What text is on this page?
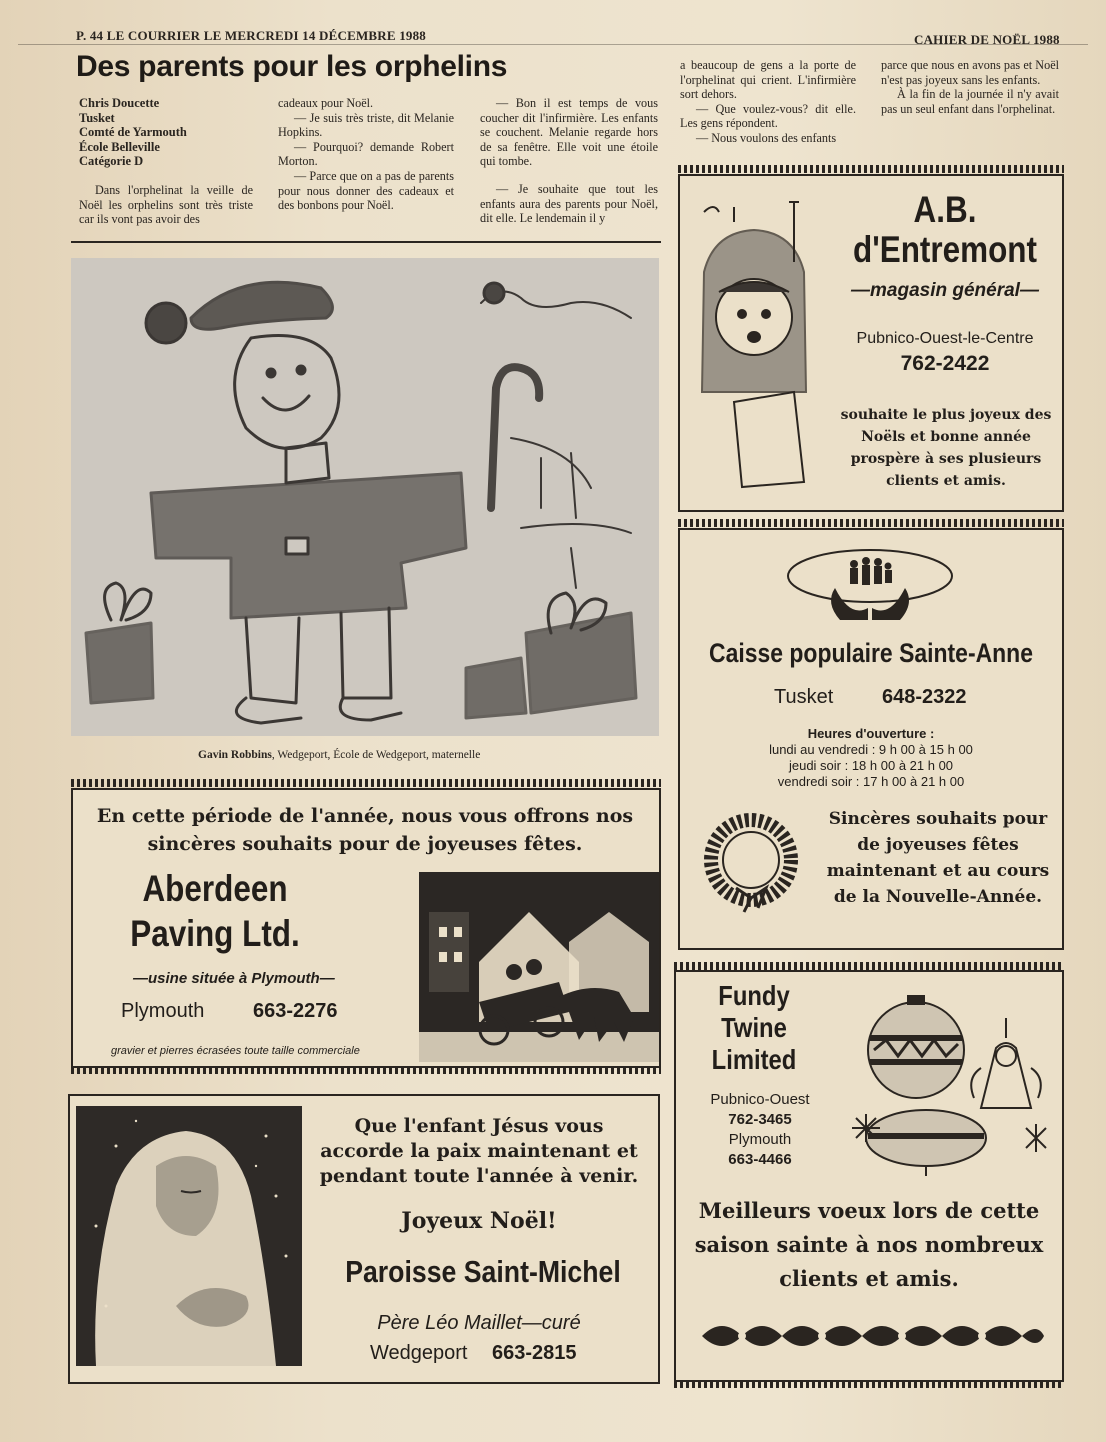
P. 44 LE COURRIER LE MERCREDI 14 DÉCEMBRE 1988	CAHIER DE NOËL 1988
Des parents pour les orphelins
Chris Doucette
Tusket
Comté de Yarmouth
École Belleville
Catégorie D

Dans l'orphelinat la veille de Noël les orphelins sont très triste car ils vont pas avoir des

cadeaux pour Noël.

— Je suis très triste, dit Melanie Hopkins.

— Pourquoi? demande Robert Morton.

— Parce que on a pas de parents pour nous donner des cadeaux et des bonbons pour Noël.

— Bon il est temps de vous coucher dit l'infirmière. Les enfants se couchent. Melanie regarde hors de sa fenêtre. Elle voit une étoile qui tombe.

— Je souhaite que tout les enfants aura des parents pour Noël, dit elle. Le lendemain il y

a beaucoup de gens a la porte de l'orphelinat qui crient. L'infirmière sort dehors.

— Que voulez-vous? dit elle. Les gens répondent.

— Nous voulons des enfants

parce que nous en avons pas et Noël n'est pas joyeux sans les enfants.

À la fin de la journée il n'y avait pas un seul enfant dans l'orphelinat.

Gavin Robbins, Wedgeport, École de Wedgeport, maternelle
En cette période de l'année, nous vous offrons nos sincères souhaits pour de joyeuses fêtes.
Aberdeen
Paving Ltd.
—usine située à Plymouth—
Plymouth 663-2276
gravier et pierres écrasées toute taille commerciale
Que l'enfant Jésus vous accorde la paix maintenant et pendant toute l'année à venir.
Joyeux Noël!
Paroisse Saint-Michel
Père Léo Maillet—curé
Wedgeport 663-2815
A.B.
d'Entremont
—magasin général—
Pubnico-Ouest-le-Centre
762-2422
souhaite le plus joyeux des Noëls et bonne année prospère à ses plusieurs clients et amis.
Caisse populaire Sainte-Anne
Tusket 648-2322
Heures d'ouverture :
lundi au vendredi : 9 h 00 à 15 h 00
jeudi soir : 18 h 00 à 21 h 00
vendredi soir : 17 h 00 à 21 h 00
Sincères souhaits pour de joyeuses fêtes maintenant et au cours de la Nouvelle-Année.
Fundy
Twine
Limited
Pubnico-Ouest
762-3465
Plymouth
663-4466
Meilleurs voeux lors de cette saison sainte à nos nombreux clients et amis.
